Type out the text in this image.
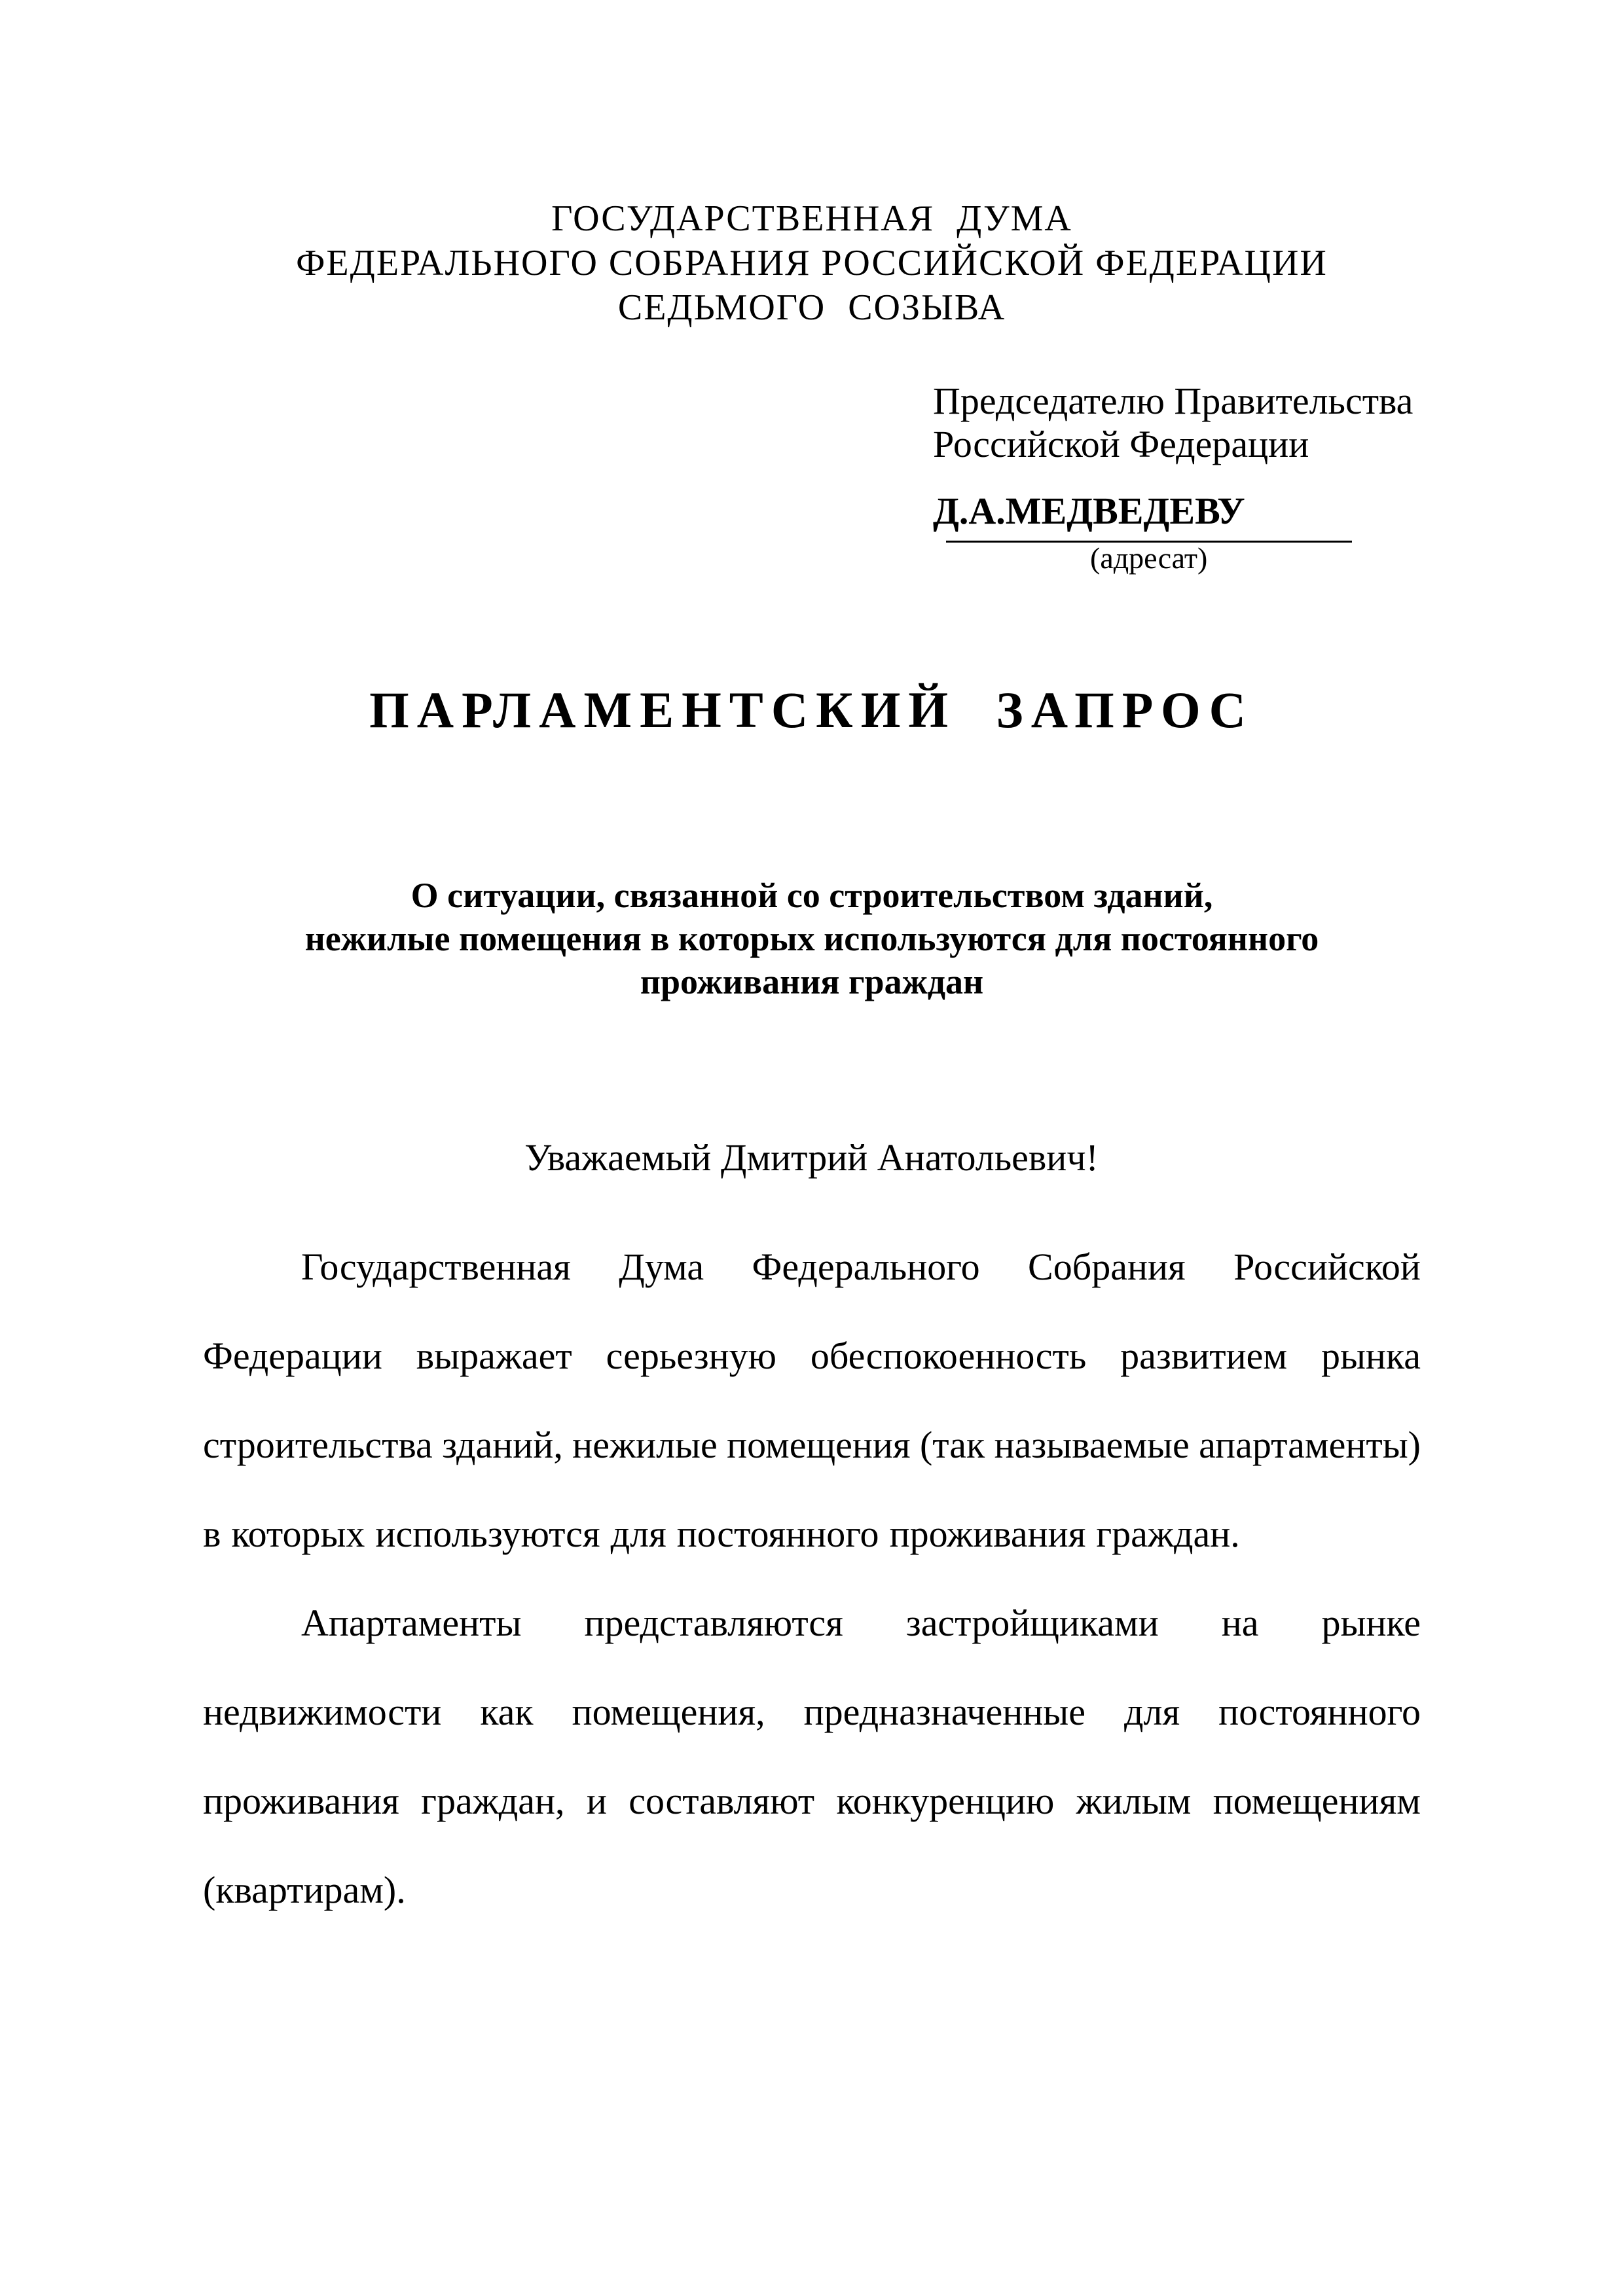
ГОСУДАРСТВЕННАЯ ДУМА
ФЕДЕРАЛЬНОГО СОБРАНИЯ РОССИЙСКОЙ ФЕДЕРАЦИИ
СЕДЬМОГО СОЗЫВА
Председателю Правительства
Российской Федерации
Д.А.МЕДВЕДЕВУ
(адресат)
ПАРЛАМЕНТСКИЙ ЗАПРОС
О ситуации, связанной со строительством зданий,
нежилые помещения в которых используются для постоянного
проживания граждан
Уважаемый Дмитрий Анатольевич!
Государственная Дума Федерального Собрания Российской
Федерации выражает серьезную обеспокоенность развитием рынка
строительства зданий, нежилые помещения (так называемые апартаменты)
в которых используются для постоянного проживания граждан.
Апартаменты представляются застройщиками на рынке
недвижимости как помещения, предназначенные для постоянного
проживания граждан, и составляют конкуренцию жилым помещениям
(квартирам).
